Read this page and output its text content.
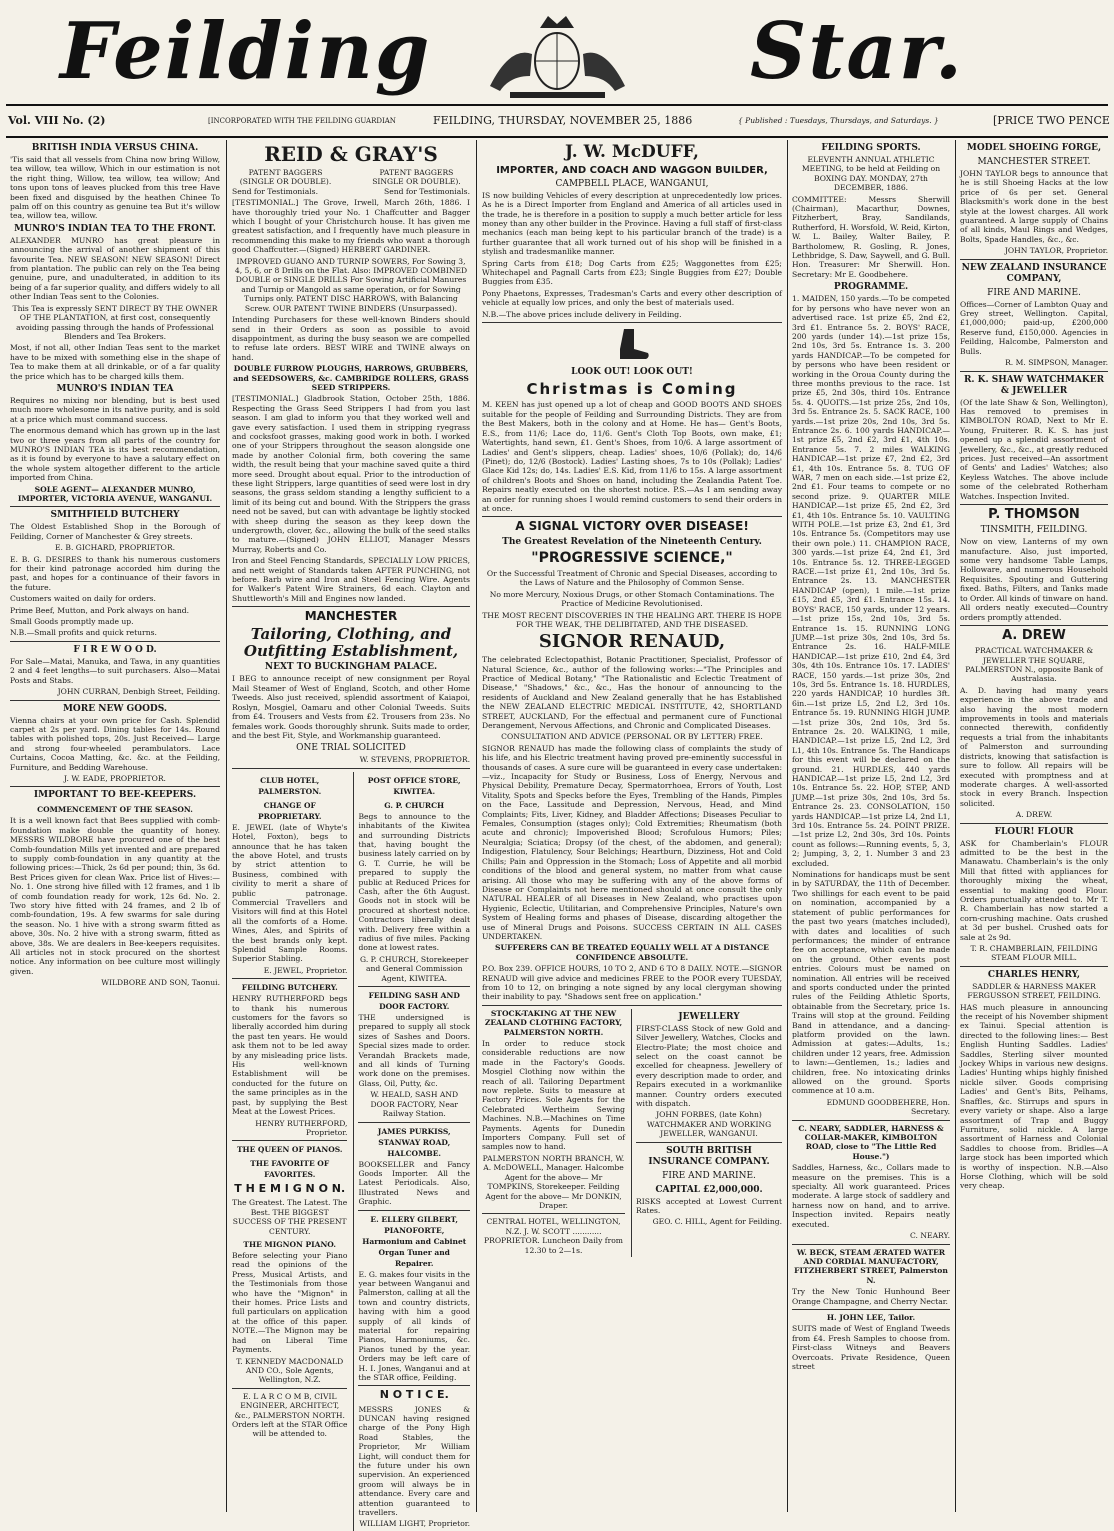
Feilding	Star.
Vol. VIII No. (2)	[INCORPORATED WITH THE FEILDING GUARDIAN	FEILDING, THURSDAY, NOVEMBER 25, 1886	{ Published : Tuesdays, Thursdays, and Saturdays. }	[PRICE TWO PENCE
BRITISH INDIA VERSUS CHINA.

'Tis said that all vessels from China now bring Willow, tea willow, tea willow, Which in our estimation is not the right thing, Willow, tea willow, tea willow; And tons upon tons of leaves plucked from this tree Have been fixed and disguised by the heathen Chinee To palm off on this country as genuine tea But it's willow tea, willow tea, willow.

MUNRO'S INDIAN TEA TO THE FRONT.

ALEXANDER MUNRO has great pleasure in announcing the arrival of another shipment of this favourite Tea. NEW SEASON! NEW SEASON! Direct from plantation. The public can rely on the Tea being genuine, pure, and unadulterated, in addition to its being of a far superior quality, and differs widely to all other Indian Teas sent to the Colonies.

This Tea is expressly SENT DIRECT BY THE OWNER OF THE PLANTATION, at first cost, consequently avoiding passing through the hands of Professional Blenders and Tea Brokers.

Most, if not all, other Indian Teas sent to the market have to be mixed with something else in the shape of Tea to make them at all drinkable, or of a far quality the price which has to be charged kills them.

MUNRO'S INDIAN TEA

Requires no mixing nor blending, but is best used much more wholesome in its native purity, and is sold at a price which must command success.

The enormous demand which has grown up in the last two or three years from all parts of the country for MUNRO'S INDIAN TEA is its best recommendation, as it is found by everyone to have a salutary effect on the whole system altogether different to the article imported from China.

SOLE AGENT— ALEXANDER MUNRO, IMPORTER, VICTORIA AVENUE, WANGANUI.

SMITHFIELD BUTCHERY

The Oldest Established Shop in the Borough of Feilding, Corner of Manchester & Grey streets.

E. B. GICHARD, PROPRIETOR.

E. B. G. DESIRES to thank his numerous customers for their kind patronage accorded him during the past, and hopes for a continuance of their favors in the future.

Customers waited on daily for orders.

Prime Beef, Mutton, and Pork always on hand.

Small Goods promptly made up.

N.B.—Small profits and quick returns.

F I R E W O O D.

For Sale—Matai, Manuka, and Tawa, in any quantities 2 and 4 feet lengths—to suit purchasers. Also—Matai Posts and Stabs.

JOHN CURRAN, Denbigh Street, Feilding.

MORE NEW GOODS.

Vienna chairs at your own price for Cash. Splendid carpet at 2s per yard. Dining tables for 14s. Round tables with polished tops, 20s. Just Received— Large and strong four-wheeled perambulators. Lace Curtains, Cocoa Matting, &c. &c. at the Feilding, Furniture, and Bedding Warehouse.

J. W. EADE, PROPRIETOR.

IMPORTANT TO BEE-KEEPERS.
COMMENCEMENT OF THE SEASON.

It is a well known fact that Bees supplied with comb-foundation make double the quantity of honey. MESSRS WILDBORE have procured one of the best Comb-foundation Mills yet invented and are prepared to supply comb-foundation in any quantity at the following prices:—Thick, 2s 6d per pound; thin, 3s 6d. Best Prices given for clean Wax. Price list of Hives:—No. 1. One strong hive filled with 12 frames, and 1 lb of comb foundation ready for work, 12s 6d. No. 2. Two story hive fitted with 24 frames, and 2 lb of comb-foundation, 19s. A few swarms for sale during the season. No. 1 hive with a strong swarm fitted as above, 30s. No. 2 hive with a strong swarm, fitted as above, 38s. We are dealers in Bee-keepers requisites. All articles not in stock procured on the shortest notice. Any information on bee culture most willingly given.

WILDBORE AND SON, Taonui.

REID & GRAY'S
PATENT BAGGERS (SINGLE OR DOUBLE).
PATENT BAGGERS SINGLE OR DOUBLE).
Send for Testimonials.	Send for Testimonials.

[TESTIMONIAL.] The Grove, Irwell, March 26th, 1886. I have thoroughly tried your No. 1 Chaffcutter and Bagger which I bought of your Christchurch house. It has given me greatest satisfaction, and I frequently have much pleasure in recommending this make to my friends who want a thorough good Chaffcutter.—(Signed) HERBERT GARDINER.

IMPROVED GUANO AND TURNIP SOWERS, For Sowing 3, 4, 5, 6, or 8 Drills on the Flat. Also: IMPROVED COMBINED DOUBLE or SINGLE DRILLS For Sowing Artificial Manures and Turnip or Mangold as same operation, or for Sowing Turnips only. PATENT DISC HARROWS, with Balancing Screw. OUR PATENT TWINE BINDERS (Unsurpassed).

Intending Purchasers for these well-known Binders should send in their Orders as soon as possible to avoid disappointment, as during the busy season we are compelled to refuse late orders. BEST WIRE and TWINE always on hand.

DOUBLE FURROW PLOUGHS, HARROWS, GRUBBERS, and SEEDSOWERS, &c. CAMBRIDGE ROLLERS, GRASS SEED STRIPPERS.

[TESTIMONIAL.] Gladbrook Station, October 25th, 1886. Respecting the Grass Seed Strippers I had from you last season. I am glad to inform you that they worked well and gave every satisfaction. I used them in stripping ryegrass and cocksfoot grasses, making good work in both. I worked one of your Strippers throughout the season alongside one made by another Colonial firm, both covering the same width, the result being that your machine saved quite a third more seed. Drought about equal. Prior to the introduction of these light Strippers, large quantities of seed were lost in dry seasons, the grass seldom standing a lengthy sufficient to a limit of its being cut and bound. With the Strippers the grass need not be saved, but can with advantage be lightly stocked with sheep during the season as they keep down the undergrowth, clover, &c., allowing the bulk of the seed stalks to mature.—(Signed) JOHN ELLIOT, Manager Messrs Murray, Roberts and Co.

Iron and Steel Fencing Standards, SPECIALLY LOW PRICES, and nett weight of Standards taken AFTER PUNCHING, not before. Barb wire and Iron and Steel Fencing Wire. Agents for Walker's Patent Wire Strainers, 6d each. Clayton and Shuttleworth's Mill and Engines now landed.

MANCHESTER
Tailoring, Clothing, and Outfitting Establishment,
NEXT TO BUCKINGHAM PALACE.

I BEG to announce receipt of new consignment per Royal Mail Steamer of West of England, Scotch, and other Home Tweeds. Also just received, splendid assortment of Kaiapoi, Roslyn, Mosgiel, Oamaru and other Colonial Tweeds. Suits from £4. Trousers and Vests from £2. Trousers from 23s. No females work. Goods thoroughly shrunk. Suits made to order, and the best Fit, Style, and Workmanship guaranteed.

ONE TRIAL SOLICITED

W. STEVENS, PROPRIETOR.

CLUB HOTEL, PALMERSTON.
CHANGE OF PROPRIETARY.

E. JEWEL (late of Whyte's Hotel, Foxton), begs to announce that he has taken the above Hotel, and trusts by strict attention to Business, combined with civility to merit a share of public patronage. Commercial Travellers and Visitors will find at this Hotel all the comforts of a Home. Wines, Ales, and Spirits of the best brands only kept. Splendid Sample Rooms. Superior Stabling.

E. JEWEL, Proprietor.

FEILDING BUTCHERY.

HENRY RUTHERFORD begs to thank his numerous customers for the favors so liberally accorded him during the past ten years. He would ask them not to be led away by any misleading price lists. His well-known Establishment will be conducted for the future on the same principles as in the past, by supplying the Best Meat at the Lowest Prices.

HENRY RUTHERFORD, Proprietor.

THE QUEEN OF PIANOS.
THE FAVORITE OF FAVORITES.
T H E M I G N O N.

The Greatest. The Latest. The Best. THE BIGGEST SUCCESS OF THE PRESENT CENTURY.

THE MIGNON PIANO.

Before selecting your Piano read the opinions of the Press, Musical Artists, and the Testimonials from those who have the "Mignon" in their homes. Price Lists and full particulars on application at the office of this paper. NOTE.—The Mignon may be had on Liberal Time Payments.

T. KENNEDY MACDONALD AND CO., Sole Agents, Wellington, N.Z.

E. L A R C O M B, CIVIL ENGINEER, ARCHITECT, &c., PALMERSTON NORTH. Orders left at the STAR Office will be attended to.

POST OFFICE STORE, KIWITEA.
G. P. CHURCH

Begs to announce to the inhabitants of the Kiwitea and surrounding Districts that, having bought the business lately carried on by G. T. Currie, he will be prepared to supply the public at Reduced Prices for Cash, after the 6th August. Goods not in stock will be procured at shortest notice. Contractors liberally dealt with. Delivery free within a radius of five miles. Packing done at lowest rates.

G. P. CHURCH, Storekeeper and General Commission Agent, KIWITEA.

FEILDING SASH AND DOOR FACTORY.

THE undersigned is prepared to supply all stock sizes of Sashes and Doors. Special sizes made to order. Verandah Brackets made, and all kinds of Turning work done on the premises. Glass, Oil, Putty, &c.

W. HEALD, SASH AND DOOR FACTORY, Near Railway Station.

JAMES PURKISS, STANWAY ROAD, HALCOMBE.

BOOKSELLER and Fancy Goods Importer. All the Latest Periodicals. Also, Illustrated News and Graphic.

E. ELLERY GILBERT, PIANOFORTE, Harmonium and Cabinet Organ Tuner and Repairer.

E. G. makes four visits in the year between Wanganui and Palmerston, calling at all the town and country districts, having with him a good supply of all kinds of material for repairing Pianos, Harmoniums, &c. Pianos tuned by the year. Orders may be left care of H. I. Jones, Wanganui and at the STAR office, Feilding.

N O T I C E.

MESSRS JONES & DUNCAN having resigned charge of the Pony High Road Stables, the Proprietor, Mr William Light, will conduct them for the future under his own supervision. An experienced groom will always be in attendance. Every care and attention guaranteed to travellers.

WILLIAM LIGHT, Proprietor.

J. W. McDUFF,
IMPORTER, AND COACH AND WAGGON BUILDER,
CAMPBELL PLACE, WANGANUI,

IS now building Vehicles of every description at unprecedentedly low prices. As he is a Direct Importer from England and America of all articles used in the trade, he is therefore in a position to supply a much better article for less money than any other builder in the Province. Having a full staff of first-class mechanics (each man being kept to his particular branch of the trade) is a further guarantee that all work turned out of his shop will be finished in a stylish and tradesmanlike manner.

Spring Carts from £18; Dog Carts from £25; Waggonettes from £25; Whitechapel and Pagnall Carts from £23; Single Buggies from £27; Double Buggies from £35.

Pony Phaetons, Expresses, Tradesman's Carts and every other description of vehicle at equally low prices, and only the best of materials used.

N.B.—The above prices include delivery in Feilding.

LOOK OUT! LOOK OUT!
Christmas is Coming

M. KEEN has just opened up a lot of cheap and GOOD BOOTS AND SHOES suitable for the people of Feilding and Surrounding Districts. They are from the Best Makers, both in the colony and at Home. He has— Gent's Boots, E.S., from 11/6; Lace do, 11/6. Gent's Cloth Top Boots, own make, £1; Watertights, hand sewn, £1. Gent's Shoes, from 10/6. A large assortment of Ladies' and Gent's slippers, cheap. Ladies' shoes, 10/6 (Pollak); do, 14/6 (Pinet); do, 12/6 (Bostock). Ladies' Lasting shoes, 7s to 10s (Pollak); Ladies' Glace Kid 12s; do, 14s. Ladies' E.S. Kid, from 11/6 to 15s. A large assortment of children's Boots and Shoes on hand, including the Zealandia Patent Toe. Repairs neatly executed on the shortest notice. P.S.—As I am sending away an order for running shoes I would remind customers to send their orders in at once.

A SIGNAL VICTORY OVER DISEASE!
The Greatest Revelation of the Nineteenth Century.
"PROGRESSIVE SCIENCE,"

Or the Successful Treatment of Chronic and Special Diseases, according to the Laws of Nature and the Philosophy of Common Sense.

No more Mercury, Noxious Drugs, or other Stomach Contaminations. The Practice of Medicine Revolutionised.

THE MOST RECENT DISCOVERIES IN THE HEALING ART. THERE IS HOPE FOR THE WEAK, THE DELIBITATED, AND THE DISEASED.

SIGNOR RENAUD,

The celebrated Eclectopathist, Botanic Practitioner, Specialist, Professor of Natural Science, &c., author of the following works:—"The Principles and Practice of Medical Botany," "The Rationalistic and Eclectic Treatment of Disease," "Shadows," &c., &c., Has the honour of announcing to the residents of Auckland and New Zealand generally that he has Established the NEW ZEALAND ELECTRIC MEDICAL INSTITUTE, 42, SHORTLAND STREET, AUCKLAND, For the effectual and permanent cure of Functional Derangement, Nervous Affections, and Chronic and Complicated Diseases.

CONSULTATION AND ADVICE (PERSONAL OR BY LETTER) FREE.

SIGNOR RENAUD has made the following class of complaints the study of his life, and his Electric treatment having proved pre-eminently successful in thousands of cases. A sure cure will be guaranteed in every case undertaken:—viz., Incapacity for Study or Business, Loss of Energy, Nervous and Physical Debility, Premature Decay, Spermatorrhoea, Errors of Youth, Lost Vitality, Spots and Specks before the Eyes, Trembling of the Hands, Pimples on the Face, Lassitude and Depression, Nervous, Head, and Mind Complaints; Fits, Liver, Kidney, and Bladder Affections; Diseases Peculiar to Females, Consumption (stages only); Cold Extremities; Rheumatism (both acute and chronic); Impoverished Blood; Scrofulous Humors; Piles; Neuralgia; Sciatica; Dropsy (of the chest, of the abdomen, and general); Indigestion, Flatulency, Sour Belchings; Heartburn, Dizziness, Hot and Cold Chills; Pain and Oppression in the Stomach; Loss of Appetite and all morbid conditions of the blood and general system, no matter from what cause arising. All those who may be suffering with any of the above forms of Disease or Complaints not here mentioned should at once consult the only NATURAL HEALER of all Diseases in New Zealand, who practises upon Hygienic, Eclectic, Utilitarian, and Comprehensive Principles, Nature's own System of Healing forms and phases of Disease, discarding altogether the use of Mineral Drugs and Poisons. SUCCESS CERTAIN IN ALL CASES UNDERTAKEN.

SUFFERERS CAN BE TREATED EQUALLY WELL AT A DISTANCE CONFIDENCE ABSOLUTE.

P.O. Box 239. OFFICE HOURS, 10 TO 2, AND 6 TO 8 DAILY. NOTE.—SIGNOR RENAUD will give advice and medicines FREE to the POOR every TUESDAY, from 10 to 12, on bringing a note signed by any local clergyman showing their inability to pay. "Shadows sent free on application."

STOCK-TAKING AT THE NEW ZEALAND CLOTHING FACTORY, PALMERSTON NORTH.

In order to reduce stock considerable reductions are now made in the Factory's Goods. Mosgiel Clothing now within the reach of all. Tailoring Department now replete. Suits to measure at Factory Prices. Sole Agents for the Celebrated Wertheim Sewing Machines. N.B.—Machines on Time Payments. Agents for Dunedin Importers Company. Full set of samples now to hand.

PALMERSTON NORTH BRANCH, W. A. McDOWELL, Manager. Halcombe Agent for the above— Mr TOMPKINS, Storekeeper. Feilding Agent for the above— Mr DONKIN, Draper.

CENTRAL HOTEL, WELLINGTON, N.Z. J. W. SCOTT ............ PROPRIETOR. Luncheon Daily from 12.30 to 2—1s.

JEWELLERY

FIRST-CLASS Stock of new Gold and Silver Jewellery, Watches, Clocks and Electro-Plate; the most choice and select on the coast cannot be excelled for cheapness. Jewellery of every description made to order, and Repairs executed in a workmanlike manner. Country orders executed with dispatch.

JOHN FORBES, (late Kohn) WATCHMAKER AND WORKING JEWELLER, WANGANUI.

SOUTH BRITISH INSURANCE COMPANY.
FIRE AND MARINE.
CAPITAL £2,000,000.

RISKS accepted at Lowest Current Rates.

GEO. C. HILL, Agent for Feilding.

FEILDING SPORTS.

ELEVENTH ANNUAL ATHLETIC MEETING, to be held at Feilding on BOXING DAY. MONDAY, 27th DECEMBER, 1886.

COMMITTEE: Messrs Sherwill (Chairman), Macarthur, Downes, Fitzherbert, Bray, Sandilands, Rutherford, H. Worsfold, W. Reid, Kirton, W. L. Bailey, Walter Bailey, P. Bartholomew, R. Gosling, R. Jones, Lethbridge, S. Daw, Saywell, and G. Bull. Hon. Treasurer: Mr Sherwill. Hon. Secretary: Mr E. Goodbehere.

PROGRAMME.

1. MAIDEN, 150 yards.—To be competed for by persons who have never won an advertised race. 1st prize £5, 2nd £2, 3rd £1. Entrance 5s. 2. BOYS' RACE, 200 yards (under 14).—1st prize 15s, 2nd 10s, 3rd 5s. Entrance 1s. 3. 200 yards HANDICAP.—To be competed for by persons who have been resident or working in the Oroua County during the three months previous to the race. 1st prize £5, 2nd 30s, third 10s. Entrance 5s. 4. QUOITS.—1st prize 25s, 2nd 10s, 3rd 5s. Entrance 2s. 5. SACK RACE, 100 yards.—1st prize 20s, 2nd 10s, 3rd 5s. Entrance 2s. 6. 100 yards HANDICAP.—1st prize £5, 2nd £2, 3rd £1, 4th 10s. Entrance 5s. 7. 2 miles WALKING HANDICAP.—1st prize £7, 2nd £2, 3rd £1, 4th 10s. Entrance 5s. 8. TUG OF WAR, 7 men on each side.—1st prize £2, 2nd £1. Four teams to compete or no second prize. 9. QUARTER MILE HANDICAP.—1st prize £5, 2nd £2, 3rd £1, 4th 10s. Entrance 5s. 10. VAULTING WITH POLE.—1st prize £3, 2nd £1, 3rd 10s. Entrance 5s. (Competitors may use their own pole.) 11. CHAMPION RACE, 300 yards.—1st prize £4, 2nd £1, 3rd 10s. Entrance 5s. 12. THREE-LEGGED RACE.—1st prize £1, 2nd 10s, 3rd 5s. Entrance 2s. 13. MANCHESTER HANDICAP (open), 1 mile.—1st prize £15, 2nd £5, 3rd £1. Entrance 15s. 14. BOYS' RACE, 150 yards, under 12 years.—1st prize 15s, 2nd 10s, 3rd 5s. Entrance 1s. 15. RUNNING LONG JUMP.—1st prize 30s, 2nd 10s, 3rd 5s. Entrance 2s. 16. HALF-MILE HANDICAP.—1st prize £10, 2nd £4, 3rd 30s, 4th 10s. Entrance 10s. 17. LADIES' RACE, 150 yards.—1st prize 30s, 2nd 10s, 3rd 5s. Entrance 1s. 18. HURDLES, 220 yards HANDICAP, 10 hurdles 3ft. 6in.—1st prize L5, 2nd L2, 3rd 10s. Entrance 5s. 19. RUNNING HIGH JUMP.—1st prize 30s, 2nd 10s, 3rd 5s. Entrance 2s. 20. WALKING, 1 mile, HANDICAP.—1st prize L5, 2nd L2, 3rd L1, 4th 10s. Entrance 5s. The Handicaps for this event will be declared on the ground. 21. HURDLES, 440 yards HANDICAP.—1st prize L5, 2nd L2, 3rd 10s. Entrance 5s. 22. HOP, STEP, AND JUMP.—1st prize 30s, 2nd 10s, 3rd 5s. Entrance 2s. 23. CONSOLATION, 150 yards HANDICAP.—1st prize L4, 2nd L1, 3rd 10s. Entrance 5s. 24. POINT PRIZE.—1st prize L2, 2nd 30s, 3rd 10s. Points count as follows:—Running events, 5, 3, 2; Jumping, 3, 2, 1. Number 3 and 23 excluded.

Nominations for handicaps must be sent in by SATURDAY, the 11th of December. Two shillings for each event to be paid on nomination, accompanied by a statement of public performances for the past two years (matches included), with dates and localities of such performances; the minder of entrance fee on acceptance, which can be made on the ground. Other events post entries. Colours must be named on nomination. All entries will be received and sports conducted under the printed rules of the Feilding Athletic Sports, obtainable from the Secretary, price 1s. Trains will stop at the ground. Feilding Band in attendance, and a dancing-platform provided on the lawn. Admission at gates:—Adults, 1s.; children under 12 years, free. Admission to lawn:—Gentlemen, 1s.; ladies and children, free. No intoxicating drinks allowed on the ground. Sports commence at 10 a.m.

EDMUND GOODBEHERE, Hon. Secretary.

C. NEARY, SADDLER, HARNESS & COLLAR-MAKER, KIMBOLTON ROAD, close to "The Little Red House.")

Saddles, Harness, &c., Collars made to measure on the premises. This is a specialty. All work guaranteed. Prices moderate. A large stock of saddlery and harness now on hand, and to arrive. Inspection invited. Repairs neatly executed.

C. NEARY.

W. BECK, STEAM ÆRATED WATER AND CORDIAL MANUFACTORY, FITZHERBERT STREET, Palmerston N.

Try the New Tonic Hunhound Beer Orange Champagne, and Cherry Nectar.

H. JOHN LEE, Tailor.

SUITS made of West of England Tweeds from £4. Fresh Samples to choose from. First-class Witneys and Beavers Overcoats. Private Residence, Queen street

MODEL SHOEING FORGE,
MANCHESTER STREET.

JOHN TAYLOR begs to announce that he is still Shoeing Hacks at the low price of 6s per set. General Blacksmith's work done in the best style at the lowest charges. All work guaranteed. A large supply of Chains of all kinds, Maul Rings and Wedges, Bolts, Spade Handles, &c., &c.

JOHN TAYLOR, Proprietor.

NEW ZEALAND INSURANCE COMPANY,
FIRE AND MARINE.

Offices—Corner of Lambton Quay and Grey street, Wellington. Capital, £1,000,000; paid-up, £200,000 Reserve fund, £150,000. Agencies in Feilding, Halcombe, Palmerston and Bulls.

R. M. SIMPSON, Manager.

R. K. SHAW WATCHMAKER & JEWELLER

(Of the late Shaw & Son, Wellington), Has removed to premises in KIMBOLTON ROAD, Next to Mr E. Young, Fruiterer. R. K. S. has just opened up a splendid assortment of Jewellery, &c., &c., at greatly reduced prices. Just received—An assortment of Gents' and Ladies' Watches; also Keyless Watches. The above include some of the celebrated Rotherham Watches. Inspection Invited.

P. THOMSON
TINSMITH, FEILDING.

Now on view, Lanterns of my own manufacture. Also, just imported, some very handsome Table Lamps, Holloware, and numerous Household Requisites. Spouting and Guttering fixed. Baths, Filters, and Tanks made to Order. All kinds of tinware on hand. All orders neatly executed—Country orders promptly attended.

A. DREW

PRACTICAL WATCHMAKER & JEWELLER THE SQUARE, PALMERSTON N., opposite Bank of Australasia.

A. D. having had many years experience in the above trade and also having the most modern improvements in tools and materials connected therewith, confidently requests a trial from the inhabitants of Palmerston and surrounding districts, knowing that satisfaction is sure to follow. All repairs will be executed with promptness and at moderate charges. A well-assorted stock in every Branch. Inspection solicited.

A. DREW.

FLOUR! FLOUR

ASK for Chamberlain's FLOUR admitted to be the best in the Manawatu. Chamberlain's is the only Mill that fitted with appliances for thoroughly mixing the wheat, essential to making good Flour. Orders punctually attended to. Mr T. R. Chamberlain has now started a corn-crushing machine. Oats crushed at 3d per bushel. Crushed oats for sale at 2s 9d.

T. R. CHAMBERLAIN, FEILDING STEAM FLOUR MILL.

CHARLES HENRY,

SADDLER & HARNESS MAKER FERGUSSON STREET, FEILDING.

HAS much pleasure in announcing the receipt of his November shipment ex Tainui. Special attention is directed to the following lines:— Best English Hunting Saddles. Ladies' Saddles, Sterling silver mounted Jockey Whips in various new designs. Ladies' Hunting whips highly finished nickle silver. Goods comprising Ladies' and Gent's Bits, Pelhams, Snaffles, &c. Stirrups and spurs in every variety or shape. Also a large assortment of Trap and Buggy Furniture, solid nickle. A large assortment of Harness and Colonial Saddles to choose from. Bridles—A large stock has been imported which is worthy of inspection. N.B.—Also Horse Clothing, which will be sold very cheap.
